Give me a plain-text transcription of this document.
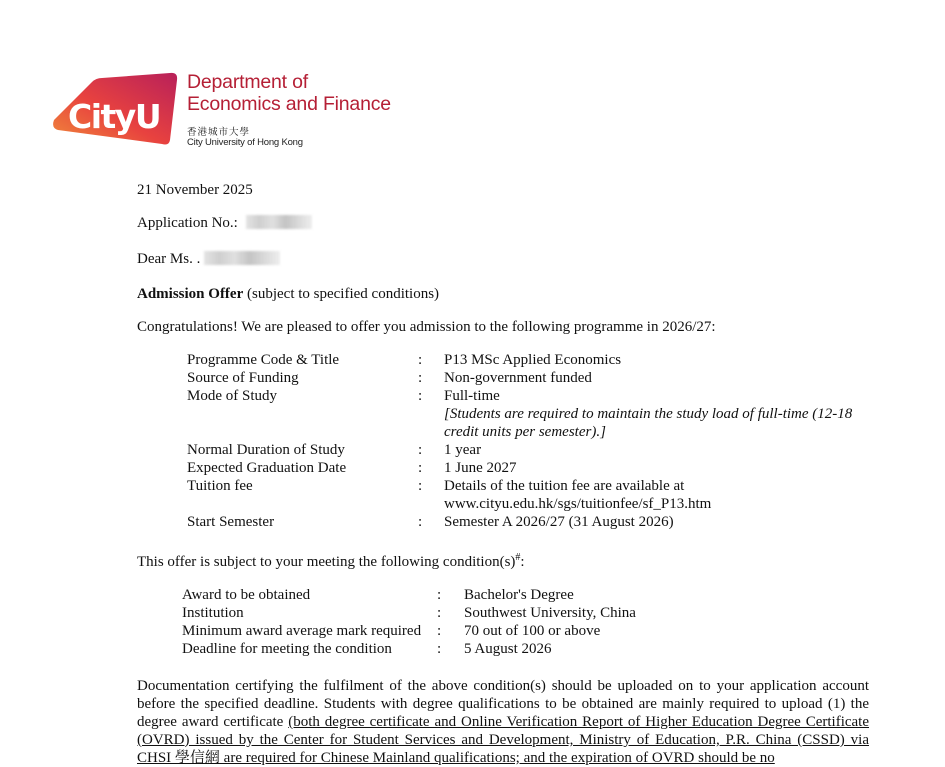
CityU
Department of
Economics and Finance
香港城市大學
City University of Hong Kong
21 November 2025
Application No.:
Dear Ms. .
Admission Offer (subject to specified conditions)
Congratulations! We are pleased to offer you admission to the following programme in 2026/27:
Programme Code & Title	:	P13 MSc Applied Economics
Source of Funding	:	Non-government funded
Mode of Study	:	Full-time
[Students are required to maintain the study load of full-time (12-18
credit units per semester).]
Normal Duration of Study	:	1 year
Expected Graduation Date	:	1 June 2027
Tuition fee	:	Details of the tuition fee are available at
www.cityu.edu.hk/sgs/tuitionfee/sf_P13.htm
Start Semester	:	Semester A 2026/27 (31 August 2026)
This offer is subject to your meeting the following condition(s)#:
Award to be obtained	:	Bachelor's Degree
Institution	:	Southwest University, China
Minimum award average mark required	:	70 out of 100 or above
Deadline for meeting the condition	:	5 August 2026
Documentation certifying the fulfilment of the above condition(s) should be uploaded on to your application account before the specified deadline. Students with degree qualifications to be obtained are mainly required to upload (1) the degree award certificate (both degree certificate and Online Verification Report of Higher Education Degree Certificate (OVRD) issued by the Center for Student Services and Development, Ministry of Education, P.R. China (CSSD) via CHSI 學信網 are required for Chinese Mainland qualifications; and the expiration of OVRD should be no
